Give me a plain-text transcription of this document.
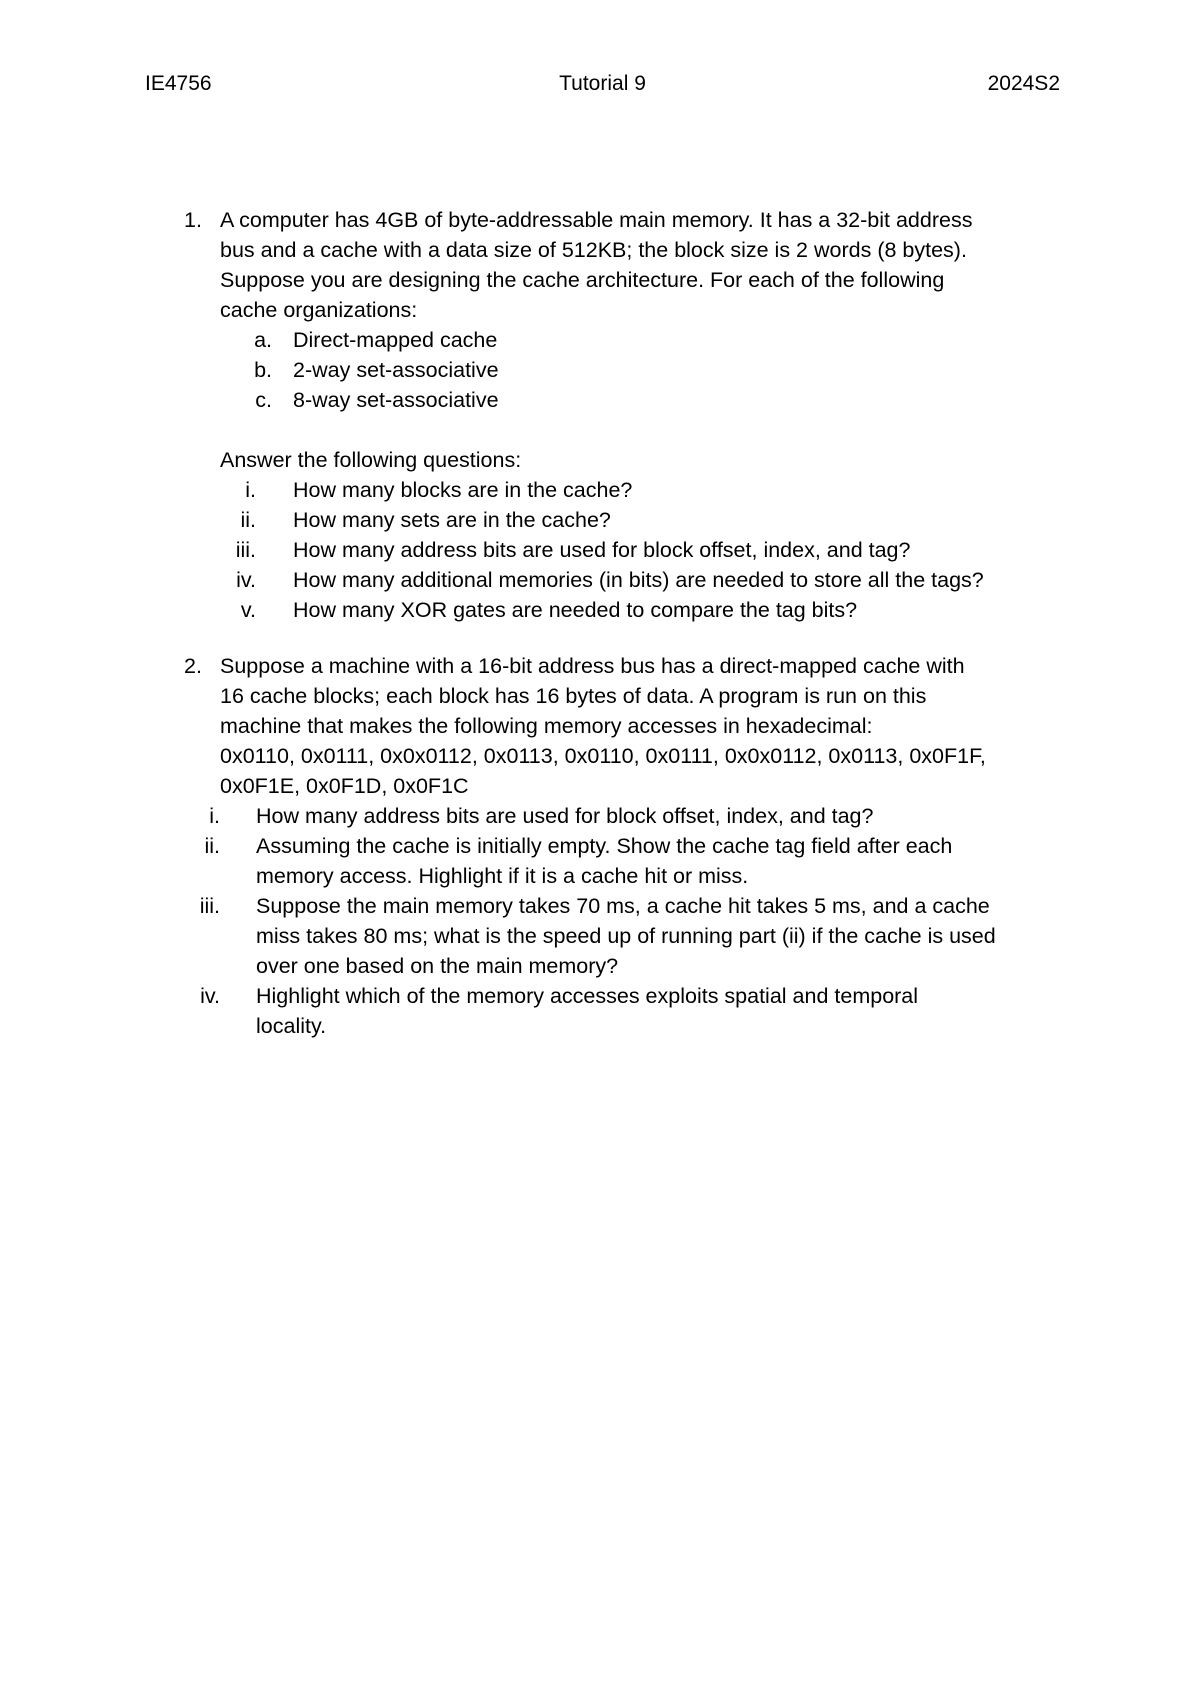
IE4756	Tutorial 9	2024S2
1. A computer has 4GB of byte-addressable main memory. It has a 32-bit address
bus and a cache with a data size of 512KB; the block size is 2 words (8 bytes).
Suppose you are designing the cache architecture. For each of the following
cache organizations:
a. Direct-mapped cache
b. 2-way set-associative
c. 8-way set-associative
Answer the following questions:
i. How many blocks are in the cache?
ii. How many sets are in the cache?
iii. How many address bits are used for block offset, index, and tag?
iv. How many additional memories (in bits) are needed to store all the tags?
v. How many XOR gates are needed to compare the tag bits?
2. Suppose a machine with a 16-bit address bus has a direct-mapped cache with
16 cache blocks; each block has 16 bytes of data. A program is run on this
machine that makes the following memory accesses in hexadecimal:
0x0110, 0x0111, 0x0x0112, 0x0113, 0x0110, 0x0111, 0x0x0112, 0x0113, 0x0F1F,
0x0F1E, 0x0F1D, 0x0F1C
i. How many address bits are used for block offset, index, and tag?
ii. Assuming the cache is initially empty. Show the cache tag field after each
memory access. Highlight if it is a cache hit or miss.
iii. Suppose the main memory takes 70 ms, a cache hit takes 5 ms, and a cache
miss takes 80 ms; what is the speed up of running part (ii) if the cache is used
over one based on the main memory?
iv. Highlight which of the memory accesses exploits spatial and temporal
locality.
